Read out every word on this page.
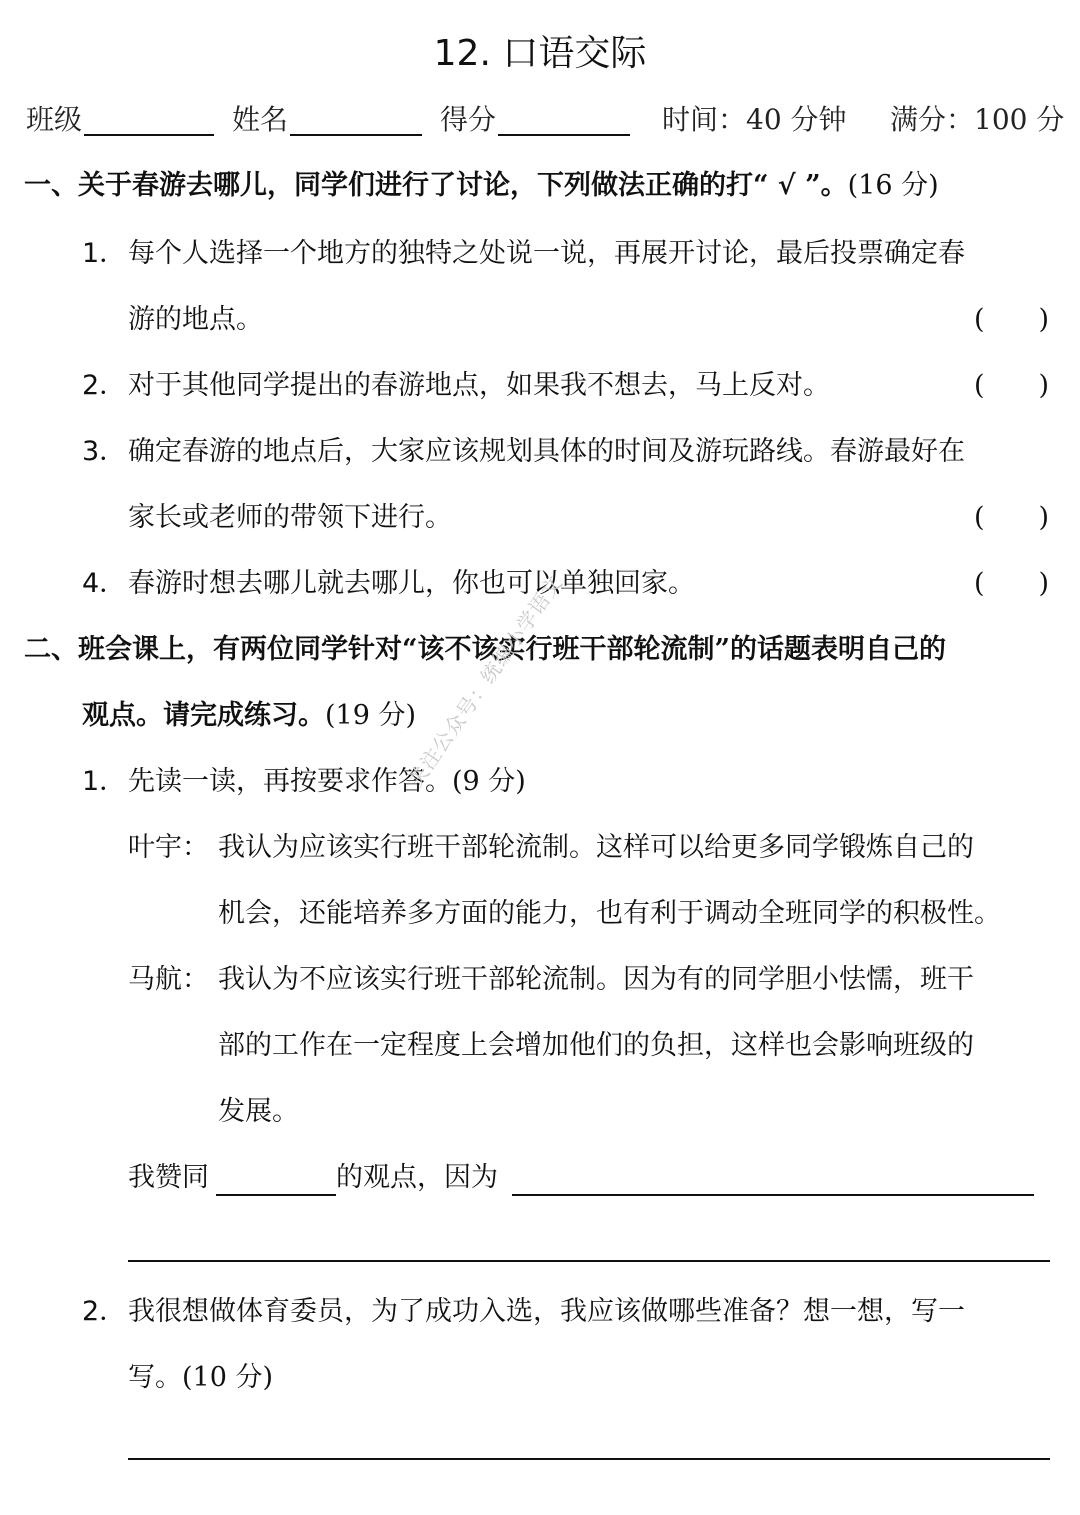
12. 口语交际
班级	姓名	得分	时间：40 分钟 满分：100 分
一、关于春游去哪儿，同学们进行了讨论，下列做法正确的打“ √ ”。(16 分)
1． 每个人选择一个地方的独特之处说一说，再展开讨论，最后投票确定春
游的地点。	(　　)
2． 对于其他同学提出的春游地点，如果我不想去，马上反对。	(　　)
3． 确定春游的地点后，大家应该规划具体的时间及游玩路线。春游最好在
家长或老师的带领下进行。	(　　)
4． 春游时想去哪儿就去哪儿，你也可以单独回家。	(　　)
二、班会课上，有两位同学针对“该不该实行班干部轮流制”的话题表明自己的
观点。请完成练习。(19 分)
1． 先读一读，再按要求作答。(9 分)
叶宇： 我认为应该实行班干部轮流制。这样可以给更多同学锻炼自己的
机会，还能培养多方面的能力，也有利于调动全班同学的积极性。
马航： 我认为不应该实行班干部轮流制。因为有的同学胆小怯懦，班干
部的工作在一定程度上会增加他们的负担，这样也会影响班级的
发展。
我赞同	的观点，因为
2． 我很想做体育委员，为了成功入选，我应该做哪些准备？想一想，写一
写。(10 分)
关注公众号：统编小学语文
